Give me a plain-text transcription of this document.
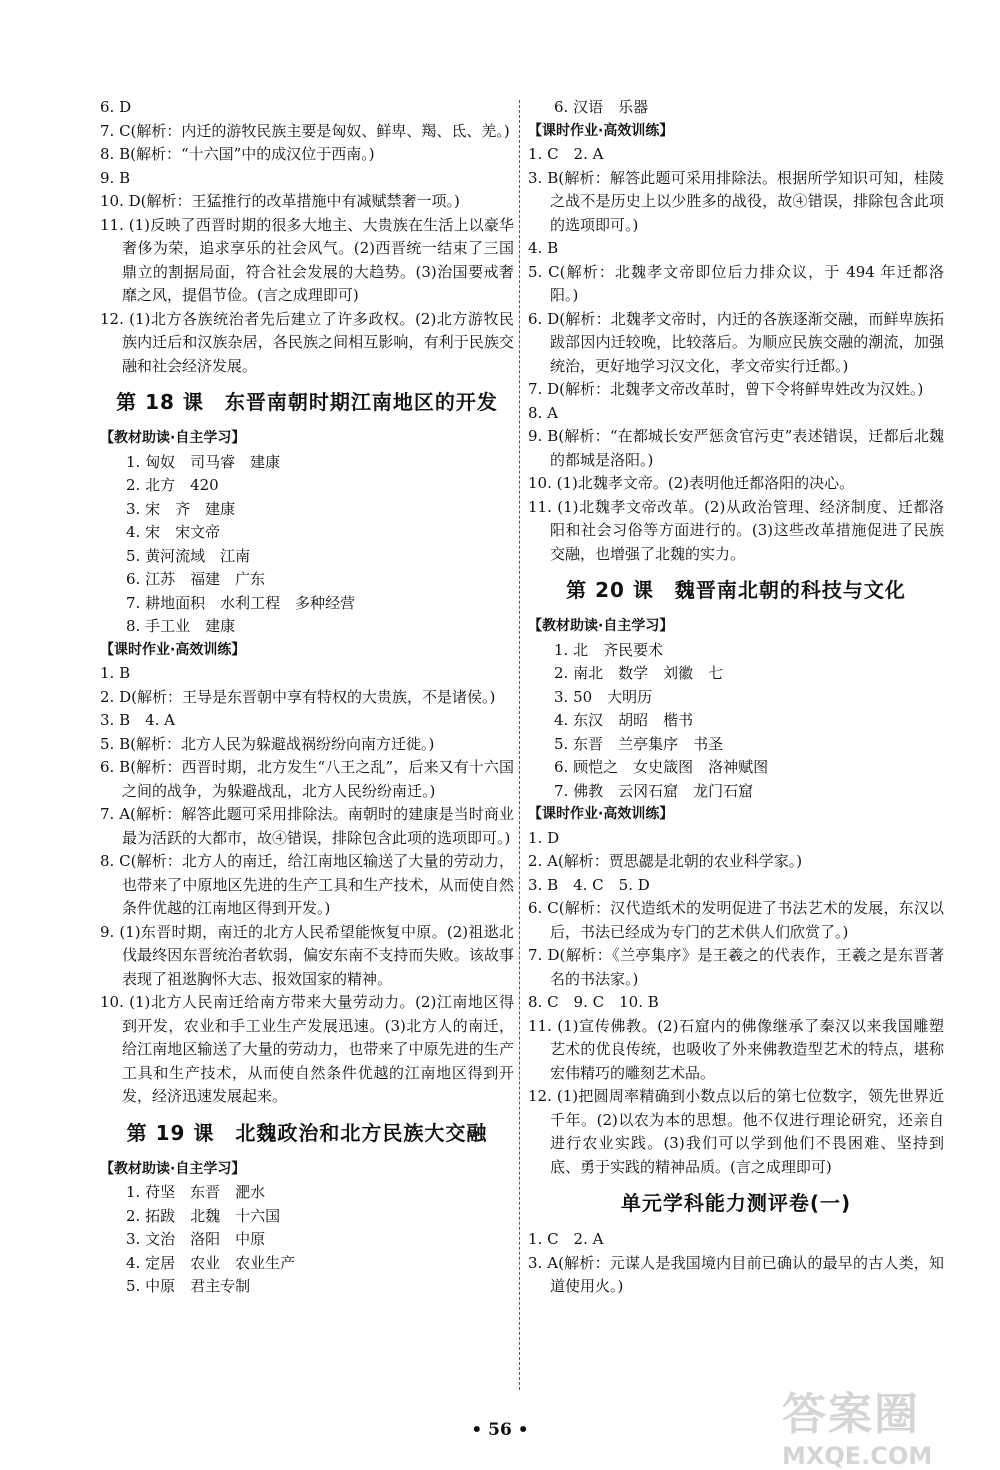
6. D
7. C(解析：内迁的游牧民族主要是匈奴、鲜卑、羯、氐、羌。)
8. B(解析：“十六国”中的成汉位于西南。)
9. B
10. D(解析：王猛推行的改革措施中有减赋禁奢一项。)
11. (1)反映了西晋时期的很多大地主、大贵族在生活上以豪华奢侈为荣，追求享乐的社会风气。(2)西晋统一结束了三国鼎立的割据局面，符合社会发展的大趋势。(3)治国要戒奢靡之风，提倡节俭。(言之成理即可)
12. (1)北方各族统治者先后建立了许多政权。(2)北方游牧民族内迁后和汉族杂居，各民族之间相互影响，有利于民族交融和社会经济发展。
第 18 课　东晋南朝时期江南地区的开发
【教材助读·自主学习】
1. 匈奴　司马睿　建康
2. 北方　420
3. 宋　齐　建康
4. 宋　宋文帝
5. 黄河流域　江南
6. 江苏　福建　广东
7. 耕地面积　水利工程　多种经营
8. 手工业　建康
【课时作业·高效训练】
1. B
2. D(解析：王导是东晋朝中享有特权的大贵族，不是诸侯。)
3. B　4. A
5. B(解析：北方人民为躲避战祸纷纷向南方迁徙。)
6. B(解析：西晋时期，北方发生“八王之乱”，后来又有十六国之间的战争，为躲避战乱，北方人民纷纷南迁。)
7. A(解析：解答此题可采用排除法。南朝时的建康是当时商业最为活跃的大都市，故④错误，排除包含此项的选项即可。)
8. C(解析：北方人的南迁，给江南地区输送了大量的劳动力，也带来了中原地区先进的生产工具和生产技术，从而使自然条件优越的江南地区得到开发。)
9. (1)东晋时期，南迁的北方人民希望能恢复中原。(2)祖逖北伐最终因东晋统治者软弱，偏安东南不支持而失败。该故事表现了祖逖胸怀大志、报效国家的精神。
10. (1)北方人民南迁给南方带来大量劳动力。(2)江南地区得到开发，农业和手工业生产发展迅速。(3)北方人的南迁，给江南地区输送了大量的劳动力，也带来了中原先进的生产工具和生产技术，从而使自然条件优越的江南地区得到开发，经济迅速发展起来。
第 19 课　北魏政治和北方民族大交融
【教材助读·自主学习】
1. 苻坚　东晋　淝水
2. 拓跋　北魏　十六国
3. 文治　洛阳　中原
4. 定居　农业　农业生产
5. 中原　君主专制
6. 汉语　乐器
【课时作业·高效训练】
1. C　2. A
3. B(解析：解答此题可采用排除法。根据所学知识可知，桂陵之战不是历史上以少胜多的战役，故④错误，排除包含此项的选项即可。)
4. B
5. C(解析：北魏孝文帝即位后力排众议，于 494 年迁都洛阳。)
6. D(解析：北魏孝文帝时，内迁的各族逐渐交融，而鲜卑族拓跋部因内迁较晚，比较落后。为顺应民族交融的潮流，加强统治，更好地学习汉文化，孝文帝实行迁都。)
7. D(解析：北魏孝文帝改革时，曾下令将鲜卑姓改为汉姓。)
8. A
9. B(解析：“在都城长安严惩贪官污吏”表述错误，迁都后北魏的都城是洛阳。)
10. (1)北魏孝文帝。(2)表明他迁都洛阳的决心。
11. (1)北魏孝文帝改革。(2)从政治管理、经济制度、迁都洛阳和社会习俗等方面进行的。(3)这些改革措施促进了民族交融，也增强了北魏的实力。
第 20 课　魏晋南北朝的科技与文化
【教材助读·自主学习】
1. 北　齐民要术
2. 南北　数学　刘徽　七
3. 50　大明历
4. 东汉　胡昭　楷书
5. 东晋　兰亭集序　书圣
6. 顾恺之　女史箴图　洛神赋图
7. 佛教　云冈石窟　龙门石窟
【课时作业·高效训练】
1. D
2. A(解析：贾思勰是北朝的农业科学家。)
3. B　4. C　5. D
6. C(解析：汉代造纸术的发明促进了书法艺术的发展，东汉以后，书法已经成为专门的艺术供人们欣赏了。)
7. D(解析：《兰亭集序》是王羲之的代表作，王羲之是东晋著名的书法家。)
8. C　9. C　10. B
11. (1)宣传佛教。(2)石窟内的佛像继承了秦汉以来我国雕塑艺术的优良传统，也吸收了外来佛教造型艺术的特点，堪称宏伟精巧的雕刻艺术品。
12. (1)把圆周率精确到小数点以后的第七位数字，领先世界近千年。(2)以农为本的思想。他不仅进行理论研究，还亲自进行农业实践。(3)我们可以学到他们不畏困难、坚持到底、勇于实践的精神品质。(言之成理即可)
单元学科能力测评卷(一)
1. C　2. A
3. A(解析：元谋人是我国境内目前已确认的最早的古人类，知道使用火。)
• 56 •	答案圈
MXQE.COM
